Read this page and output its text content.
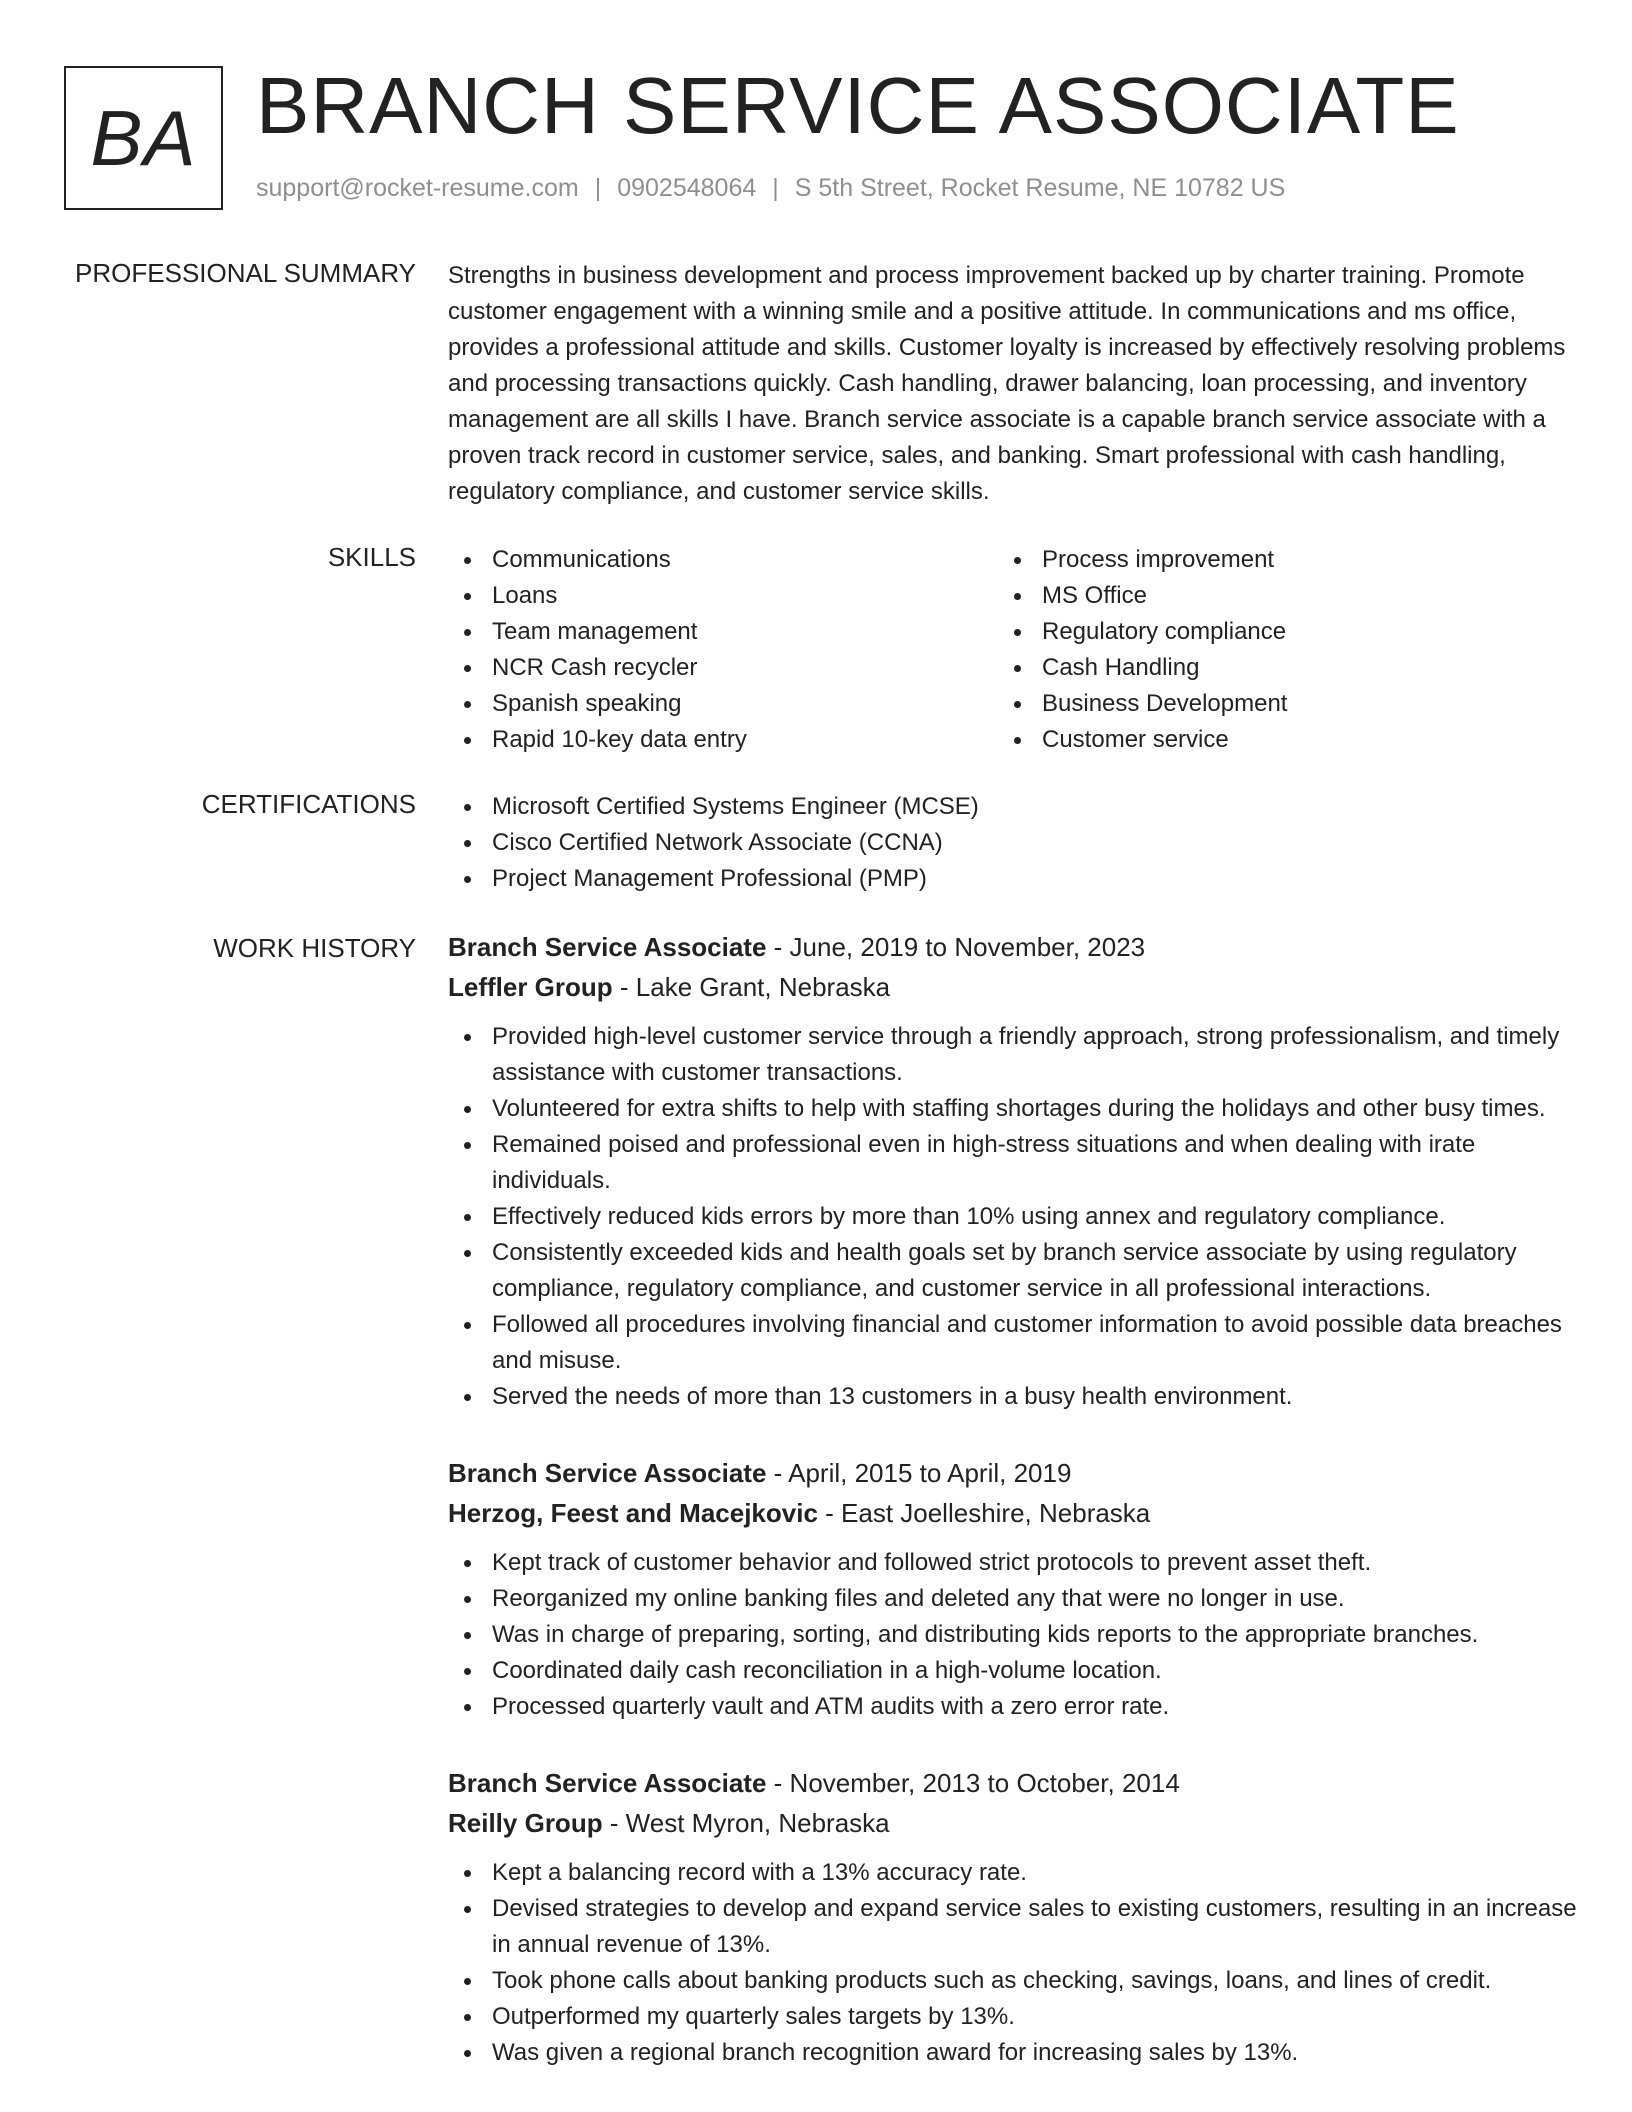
BA BRANCH SERVICE ASSOCIATE
support@rocket-resume.com | 0902548064 | S 5th Street, Rocket Resume, NE 10782 US
PROFESSIONAL SUMMARY Strengths in business development and process improvement backed up by charter training. Promote customer engagement with a winning smile and a positive attitude. In communications and ms office, provides a professional attitude and skills. Customer loyalty is increased by effectively resolving problems and processing transactions quickly. Cash handling, drawer balancing, loan processing, and inventory management are all skills I have. Branch service associate is a capable branch service associate with a proven track record in customer service, sales, and banking. Smart professional with cash handling, regulatory compliance, and customer service skills.
SKILLS	Communications
Loans
Team management
NCR Cash recycler
Spanish speaking
Rapid 10-key data entry
Process improvement
MS Office
Regulatory compliance
Cash Handling
Business Development
Customer service
CERTIFICATIONS	Microsoft Certified Systems Engineer (MCSE)
Cisco Certified Network Associate (CCNA)
Project Management Professional (PMP)
WORK HISTORY Branch Service Associate - June, 2019 to November, 2023
Leffler Group - Lake Grant, Nebraska
Provided high-level customer service through a friendly approach, strong professionalism, and timely assistance with customer transactions.
Volunteered for extra shifts to help with staffing shortages during the holidays and other busy times.
Remained poised and professional even in high-stress situations and when dealing with irate individuals.
Effectively reduced kids errors by more than 10% using annex and regulatory compliance.
Consistently exceeded kids and health goals set by branch service associate by using regulatory compliance, regulatory compliance, and customer service in all professional interactions.
Followed all procedures involving financial and customer information to avoid possible data breaches and misuse.
Served the needs of more than 13 customers in a busy health environment.
Branch Service Associate - April, 2015 to April, 2019
Herzog, Feest and Macejkovic - East Joelleshire, Nebraska
Kept track of customer behavior and followed strict protocols to prevent asset theft.
Reorganized my online banking files and deleted any that were no longer in use.
Was in charge of preparing, sorting, and distributing kids reports to the appropriate branches.
Coordinated daily cash reconciliation in a high-volume location.
Processed quarterly vault and ATM audits with a zero error rate.
Branch Service Associate - November, 2013 to October, 2014
Reilly Group - West Myron, Nebraska
Kept a balancing record with a 13% accuracy rate.
Devised strategies to develop and expand service sales to existing customers, resulting in an increase in annual revenue of 13%.
Took phone calls about banking products such as checking, savings, loans, and lines of credit.
Outperformed my quarterly sales targets by 13%.
Was given a regional branch recognition award for increasing sales by 13%.
